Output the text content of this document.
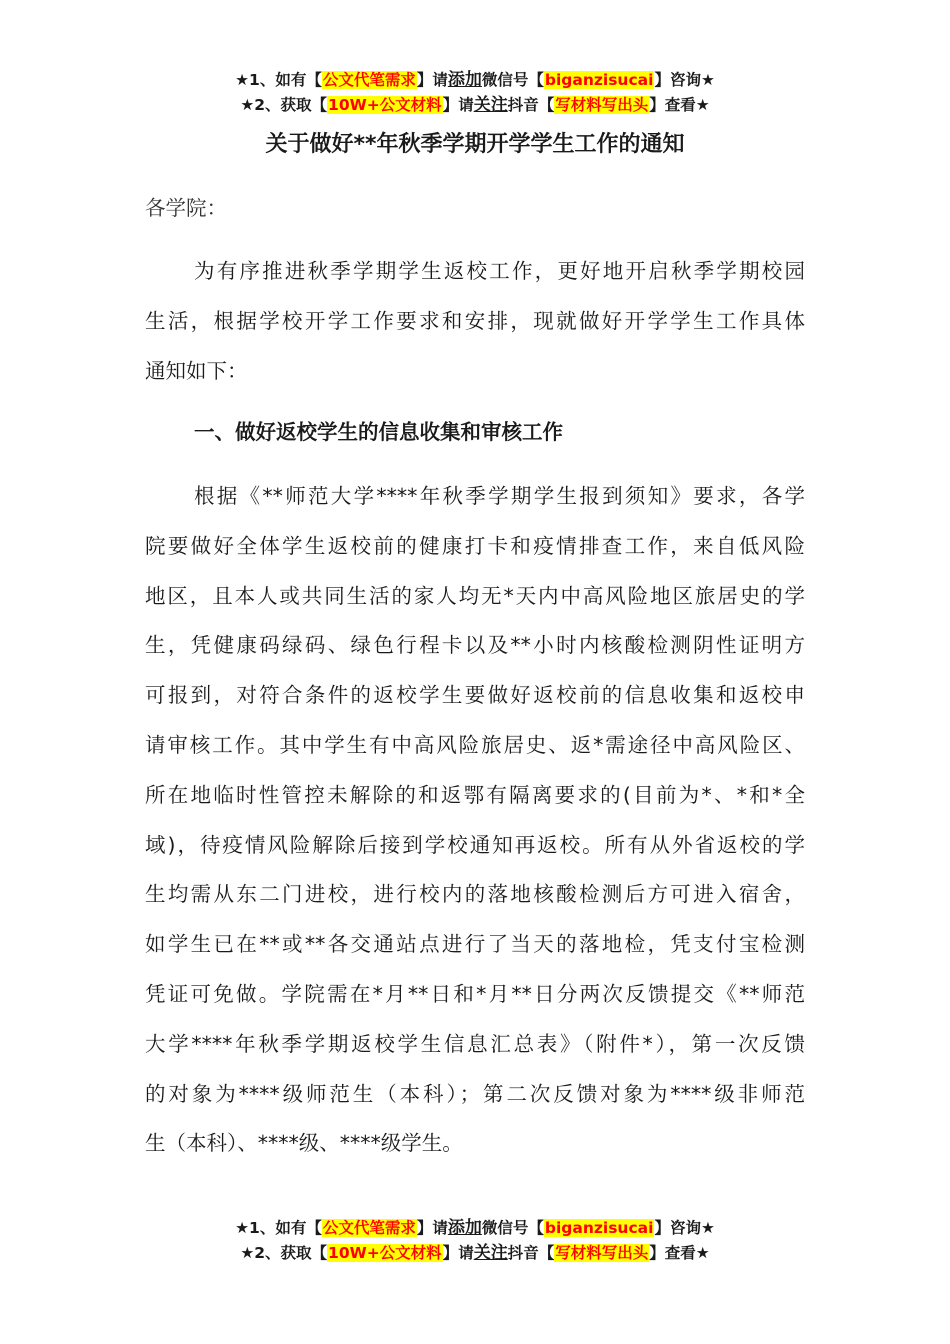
★1、如有【公文代笔需求】请添加微信号【biganzisucai】咨询★
★2、获取【10W+公文材料】请关注抖音【写材料写出头】查看★
关于做好**年秋季学期开学学生工作的通知
各学院：
为有序推进秋季学期学生返校工作，更好地开启秋季学期校园
生活，根据学校开学工作要求和安排，现就做好开学学生工作具体
通知如下：
一、做好返校学生的信息收集和审核工作
根据《**师范大学****年秋季学期学生报到须知》要求，各学
院要做好全体学生返校前的健康打卡和疫情排查工作，来自低风险
地区，且本人或共同生活的家人均无*天内中高风险地区旅居史的学
生，凭健康码绿码、绿色行程卡以及**小时内核酸检测阴性证明方
可报到，对符合条件的返校学生要做好返校前的信息收集和返校申
请审核工作。其中学生有中高风险旅居史、返*需途径中高风险区、
所在地临时性管控未解除的和返鄂有隔离要求的(目前为*、*和*全
域)，待疫情风险解除后接到学校通知再返校。所有从外省返校的学
生均需从东二门进校，进行校内的落地核酸检测后方可进入宿舍，
如学生已在**或**各交通站点进行了当天的落地检，凭支付宝检测
凭证可免做。学院需在*月**日和*月**日分两次反馈提交《**师范
大学****年秋季学期返校学生信息汇总表》（附件*），第一次反馈
的对象为****级师范生（本科）；第二次反馈对象为****级非师范
生（本科）、****级、****级学生。
★1、如有【公文代笔需求】请添加微信号【biganzisucai】咨询★
★2、获取【10W+公文材料】请关注抖音【写材料写出头】查看★
